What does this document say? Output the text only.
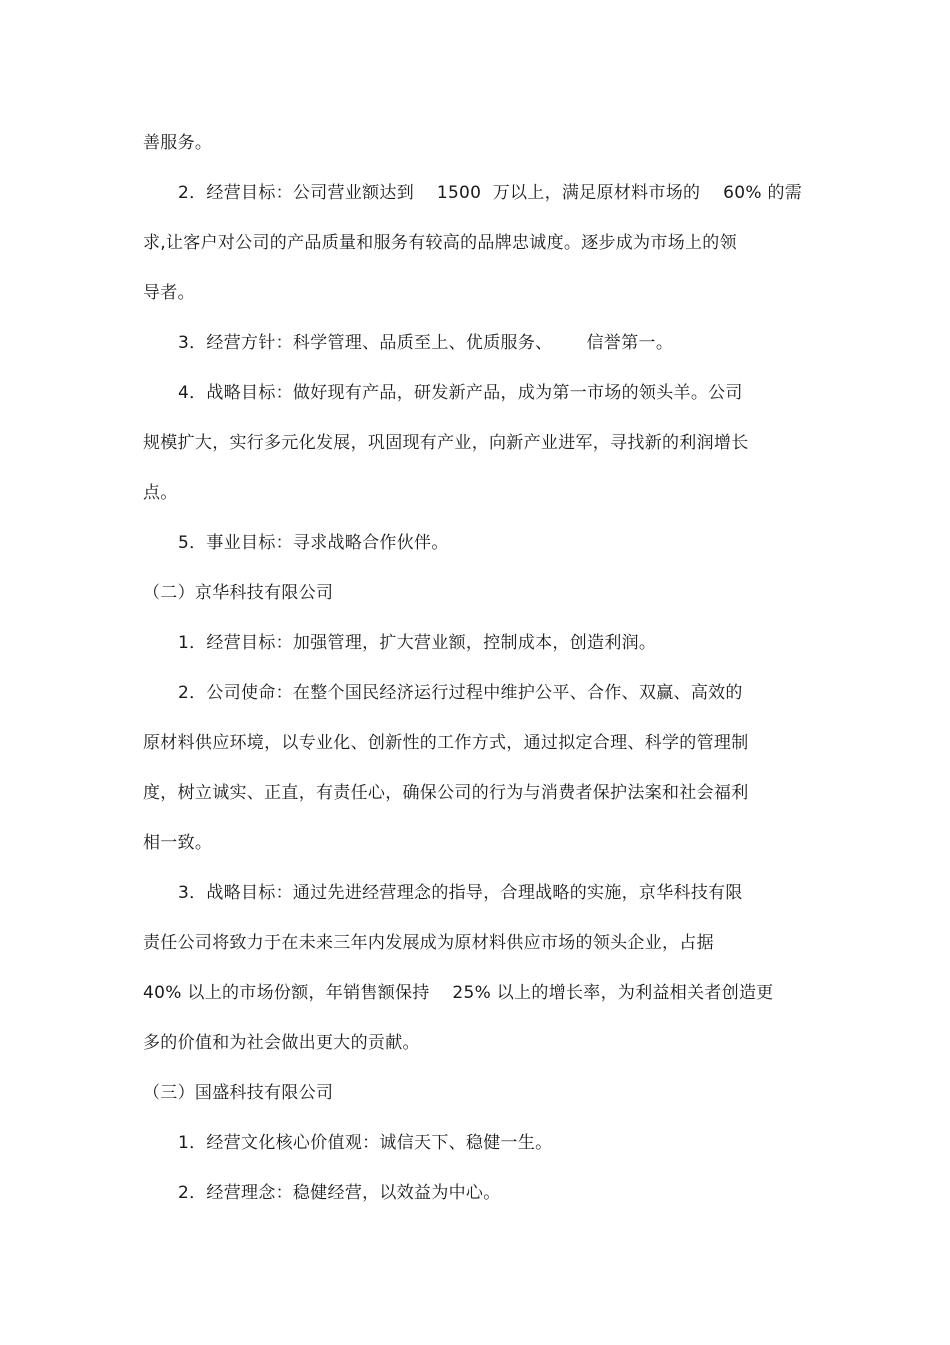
善服务。
2．经营目标：公司营业额达到    1500  万以上，满足原材料市场的    60% 的需
求,让客户对公司的产品质量和服务有较高的品牌忠诚度。逐步成为市场上的领
导者。
3．经营方针：科学管理、品质至上、优质服务、      信誉第一。
4．战略目标：做好现有产品，研发新产品，成为第一市场的领头羊。公司
规模扩大，实行多元化发展，巩固现有产业，向新产业进军，寻找新的利润增长
点。
5．事业目标：寻求战略合作伙伴。
（二）京华科技有限公司
1．经营目标：加强管理，扩大营业额，控制成本，创造利润。
2．公司使命：在整个国民经济运行过程中维护公平、合作、双赢、高效的
原材料供应环境，以专业化、创新性的工作方式，通过拟定合理、科学的管理制
度，树立诚实、正直，有责任心，确保公司的行为与消费者保护法案和社会福利
相一致。
3．战略目标：通过先进经营理念的指导，合理战略的实施，京华科技有限
责任公司将致力于在未来三年内发展成为原材料供应市场的领头企业，占据
40% 以上的市场份额，年销售额保持    25% 以上的增长率，为利益相关者创造更
多的价值和为社会做出更大的贡献。
（三）国盛科技有限公司
1．经营文化核心价值观：诚信天下、稳健一生。
2．经营理念：稳健经营，以效益为中心。
